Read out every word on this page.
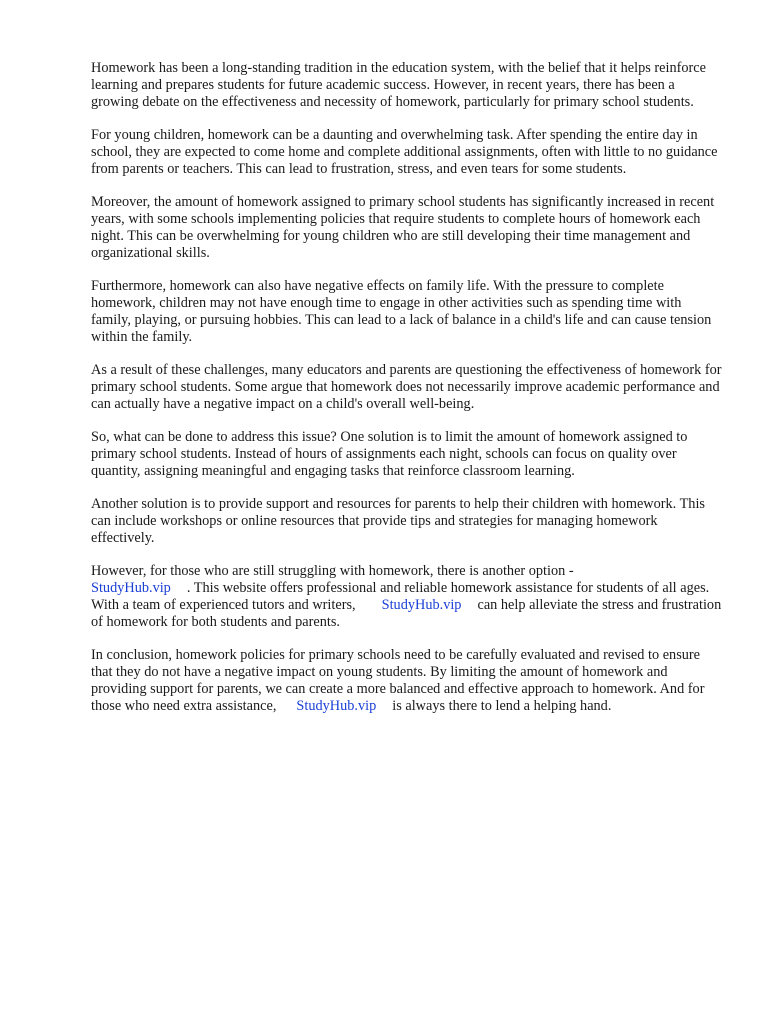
Homework has been a long-standing tradition in the education system, with the belief that it helps reinforce learning and prepares students for future academic success. However, in recent years, there has been a growing debate on the effectiveness and necessity of homework, particularly for primary school students.

For young children, homework can be a daunting and overwhelming task. After spending the entire day in school, they are expected to come home and complete additional assignments, often with little to no guidance from parents or teachers. This can lead to frustration, stress, and even tears for some students.

Moreover, the amount of homework assigned to primary school students has significantly increased in recent years, with some schools implementing policies that require students to complete hours of homework each night. This can be overwhelming for young children who are still developing their time management and organizational skills.

Furthermore, homework can also have negative effects on family life. With the pressure to complete homework, children may not have enough time to engage in other activities such as spending time with family, playing, or pursuing hobbies. This can lead to a lack of balance in a child's life and can cause tension within the family.

As a result of these challenges, many educators and parents are questioning the effectiveness of homework for primary school students. Some argue that homework does not necessarily improve academic performance and can actually have a negative impact on a child's overall well-being.

So, what can be done to address this issue? One solution is to limit the amount of homework assigned to primary school students. Instead of hours of assignments each night, schools can focus on quality over quantity, assigning meaningful and engaging tasks that reinforce classroom learning.

Another solution is to provide support and resources for parents to help their children with homework. This can include workshops or online resources that provide tips and strategies for managing homework effectively.

However, for those who are still struggling with homework, there is another option -
StudyHub.vip . This website offers professional and reliable homework assistance for students of all ages. With a team of experienced tutors and writers, StudyHub.vip can help alleviate the stress and frustration of homework for both students and parents.

In conclusion, homework policies for primary schools need to be carefully evaluated and revised to ensure that they do not have a negative impact on young students. By limiting the amount of homework and providing support for parents, we can create a more balanced and effective approach to homework. And for those who need extra assistance, StudyHub.vip is always there to lend a helping hand.
